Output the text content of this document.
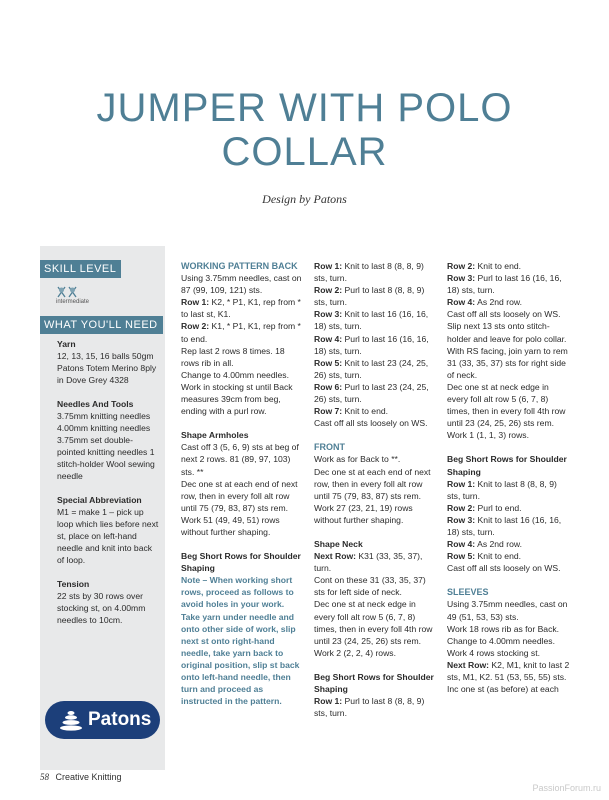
JUMPER WITH POLO COLLAR
Design by Patons
SKILL LEVEL
intermediate
WHAT YOU'LL NEED
Yarn

12, 13, 15, 16 balls 50gm Patons Totem Merino 8ply in Dove Grey 4328

Needles And Tools

3.75mm knitting needles 4.00mm knitting needles 3.75mm set double-pointed knitting needles 1 stitch-holder Wool sewing needle

Special Abbreviation

M1 = make 1 – pick up loop which lies before next st, place on left-hand needle and knit into back of loop.

Tension

22 sts by 30 rows over stocking st, on 4.00mm needles to 10cm.

Patons

WORKING PATTERN BACK

Using 3.75mm needles, cast on 87 (99, 109, 121) sts.

Row 1: K2, * P1, K1, rep from * to last st, K1.

Row 2: K1, * P1, K1, rep from * to end.

Rep last 2 rows 8 times. 18 rows rib in all.

Change to 4.00mm needles. Work in stocking st until Back measures 39cm from beg, ending with a purl row.

Shape Armholes

Cast off 3 (5, 6, 9) sts at beg of next 2 rows. 81 (89, 97, 103) sts. **

Dec one st at each end of next row, then in every foll alt row until 75 (79, 83, 87) sts rem.

Work 51 (49, 49, 51) rows without further shaping.

Beg Short Rows for Shoulder Shaping

Note – When working short rows, proceed as follows to avoid holes in your work. Take yarn under needle and onto other side of work, slip next st onto right-hand needle, take yarn back to original position, slip st back onto left-hand needle, then turn and proceed as instructed in the pattern.

Row 1: Knit to last 8 (8, 8, 9) sts, turn.

Row 2: Purl to last 8 (8, 8, 9) sts, turn.

Row 3: Knit to last 16 (16, 16, 18) sts, turn.

Row 4: Purl to last 16 (16, 16, 18) sts, turn.

Row 5: Knit to last 23 (24, 25, 26) sts, turn.

Row 6: Purl to last 23 (24, 25, 26) sts, turn.

Row 7: Knit to end.

Cast off all sts loosely on WS.

FRONT

Work as for Back to **.

Dec one st at each end of next row, then in every foll alt row until 75 (79, 83, 87) sts rem. Work 27 (23, 21, 19) rows without further shaping.

Shape Neck

Next Row: K31 (33, 35, 37), turn.

Cont on these 31 (33, 35, 37) sts for left side of neck.

Dec one st at neck edge in every foll alt row 5 (6, 7, 8) times, then in every foll 4th row until 23 (24, 25, 26) sts rem. Work 2 (2, 2, 4) rows.

Beg Short Rows for Shoulder Shaping

Row 1: Purl to last 8 (8, 8, 9) sts, turn.

Row 2: Knit to end.

Row 3: Purl to last 16 (16, 16, 18) sts, turn.

Row 4: As 2nd row.

Cast off all sts loosely on WS. Slip next 13 sts onto stitch-holder and leave for polo collar.

With RS facing, join yarn to rem 31 (33, 35, 37) sts for right side of neck.

Dec one st at neck edge in every foll alt row 5 (6, 7, 8) times, then in every foll 4th row until 23 (24, 25, 26) sts rem.

Work 1 (1, 1, 3) rows.

Beg Short Rows for Shoulder Shaping

Row 1: Knit to last 8 (8, 8, 9) sts, turn.

Row 2: Purl to end.

Row 3: Knit to last 16 (16, 16, 18) sts, turn.

Row 4: As 2nd row.

Row 5: Knit to end.

Cast off all sts loosely on WS.

SLEEVES

Using 3.75mm needles, cast on 49 (51, 53, 53) sts.

Work 18 rows rib as for Back. Change to 4.00mm needles. Work 4 rows stocking st.

Next Row: K2, M1, knit to last 2 sts, M1, K2. 51 (53, 55, 55) sts.

Inc one st (as before) at each

58 Creative Knitting
PassionForum.ru
